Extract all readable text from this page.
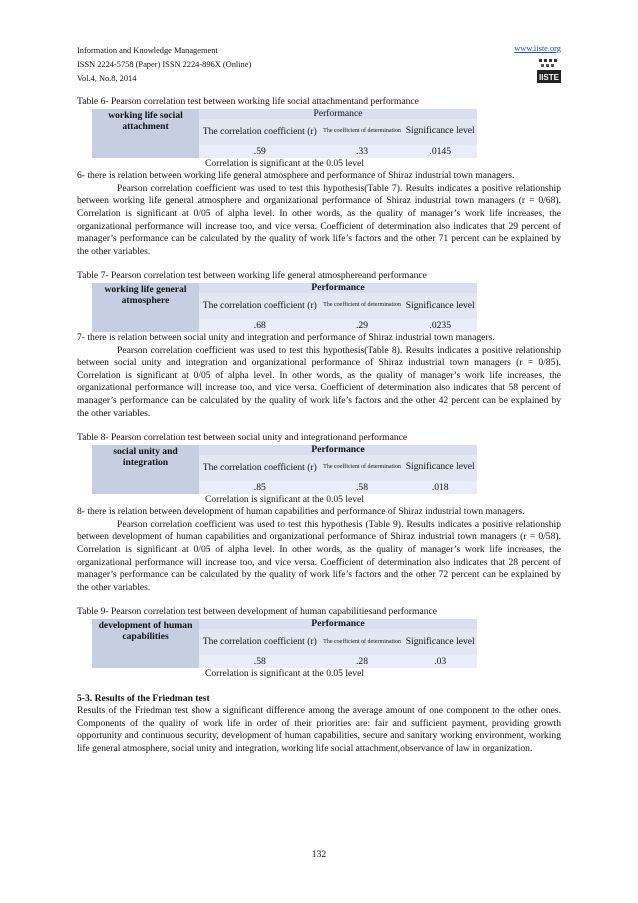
Information and Knowledge Management
ISSN 2224-5758 (Paper) ISSN 2224-896X (Online)
Vol.4, No.8, 2014
www.iiste.org
IISTE

Table 6- Pearson correlation test between working life social attachmentand performance

working life social attachment	Performance		
	The correlation coefficient (r)	The coefficient of determination	Significance level
	.59	.33	.0145

Correlation is significant at the 0.05 level

6- there is relation between working life general atmosphere and performance of Shiraz industrial town managers.

Pearson correlation coefficient was used to test this hypothesis(Table 7). Results indicates a positive relationship between working life general atmosphere and organizational performance of Shiraz industrial town managers (r = 0/68). Correlation is significant at 0/05 of alpha level. In other words, as the quality of manager’s work life increases, the organizational performance will increase too, and vice versa. Coefficient of determination also indicates that 29 percent of manager’s performance can be calculated by the quality of work life’s factors and the other 71 percent can be explained by the other variables.

Table 7- Pearson correlation test between working life general atmosphereand performance

working life general atmosphere	Performance		
	The correlation coefficient (r)	The coefficient of determination	Significance level
	.68	.29	.0235

7- there is relation between social unity and integration and performance of Shiraz industrial town managers.

Pearson correlation coefficient was used to test this hypothesis(Table 8). Results indicates a positive relationship between social unity and integration and organizational performance of Shiraz industrial town managers (r = 0/85). Correlation is significant at 0/05 of alpha level. In other words, as the quality of manager’s work life increases, the organizational performance will increase too, and vice versa. Coefficient of determination also indicates that 58 percent of manager’s performance can be calculated by the quality of work life’s factors and the other 42 percent can be explained by the other variables.

Table 8- Pearson correlation test between social unity and integrationand performance

social unity and integration	Performance		
	The correlation coefficient (r)	The coefficient of determination	Significance level
	.85	.58	.018

Correlation is significant at the 0.05 level

8- there is relation between development of human capabilities and performance of Shiraz industrial town managers.

Pearson correlation coefficient was used to test this hypothesis (Table 9). Results indicates a positive relationship between development of human capabilities and organizational performance of Shiraz industrial town managers (r = 0/58). Correlation is significant at 0/05 of alpha level. In other words, as the quality of manager’s work life increases, the organizational performance will increase too, and vice versa. Coefficient of determination also indicates that 28 percent of manager’s performance can be calculated by the quality of work life’s factors and the other 72 percent can be explained by the other variables.

Table 9- Pearson correlation test between development of human capabilitiesand performance

development of human capabilities	Performance		
	The correlation coefficient (r)	The coefficient of determination	Significance level
	.58	.28	.03

Correlation is significant at the 0.05 level

5-3. Results of the Friedman test

Results of the Friedman test show a significant difference among the average amount of one component to the other ones. Components of the quality of work life in order of their priorities are: fair and sufficient payment, providing growth opportunity and continuous security, development of human capabilities, secure and sanitary working environment, working life general atmosphere, social unity and integration, working life social attachment,observance of law in organization.

132
